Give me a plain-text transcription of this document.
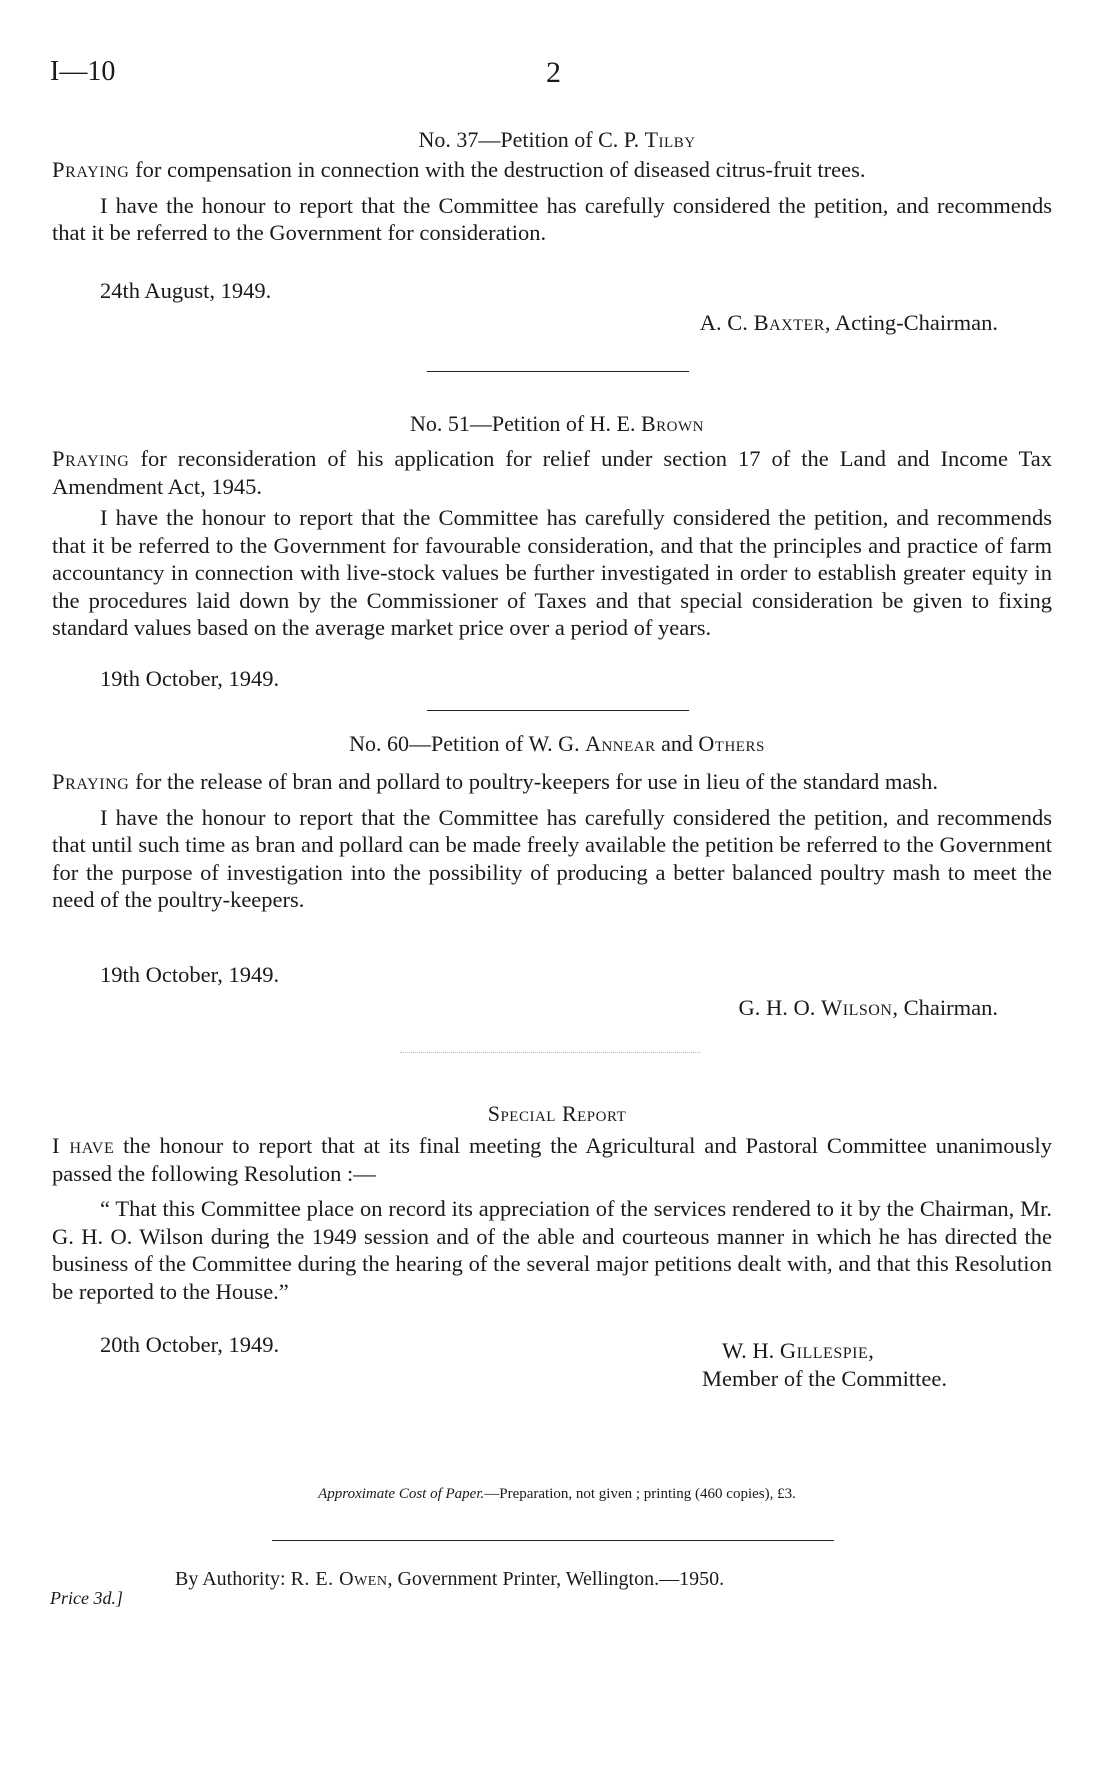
I—10	2
No. 37—Petition of C. P. Tilby

Praying for compensation in connection with the destruction of diseased citrus-fruit trees.

I have the honour to report that the Committee has carefully considered the petition, and recommends that it be referred to the Government for consideration.

24th August, 1949.
A. C. Baxter, Acting-Chairman.
No. 51—Petition of H. E. Brown

Praying for reconsideration of his application for relief under section 17 of the Land and Income Tax Amendment Act, 1945.

I have the honour to report that the Committee has carefully considered the petition, and recommends that it be referred to the Government for favourable consideration, and that the principles and practice of farm accountancy in connection with live-stock values be further investigated in order to establish greater equity in the procedures laid down by the Commissioner of Taxes and that special consideration be given to fixing standard values based on the average market price over a period of years.

19th October, 1949.
No. 60—Petition of W. G. Annear and Others

Praying for the release of bran and pollard to poultry-keepers for use in lieu of the standard mash.

I have the honour to report that the Committee has carefully considered the petition, and recommends that until such time as bran and pollard can be made freely available the petition be referred to the Government for the purpose of investigation into the possibility of producing a better balanced poultry mash to meet the need of the poultry-keepers.

19th October, 1949.
G. H. O. Wilson, Chairman.
Special Report

I have the honour to report that at its final meeting the Agricultural and Pastoral Committee unanimously passed the following Resolution :—

“ That this Committee place on record its appreciation of the services rendered to it by the Chairman, Mr. G. H. O. Wilson during the 1949 session and of the able and courteous manner in which he has directed the business of the Committee during the hearing of the several major petitions dealt with, and that this Resolution be reported to the House.”

20th October, 1949.	W. H. Gillespie,
Member of the Committee.
Approximate Cost of Paper.—Preparation, not given ; printing (460 copies), £3.
By Authority: R. E. Owen, Government Printer, Wellington.—1950.
Price 3d.]
